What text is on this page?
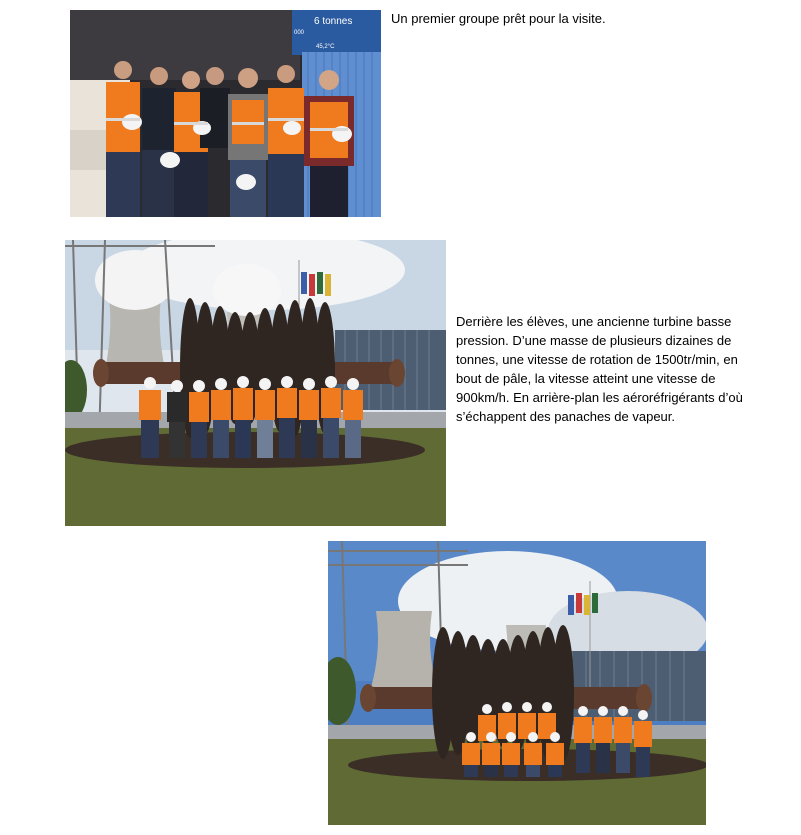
6 tonnes
000
45,2°C

Un premier groupe prêt pour la visite.

Derrière les élèves, une ancienne turbine basse pression. D’une masse de plusieurs dizaines de tonnes, une vitesse de rotation de 1500tr/min, en bout de pâle, la vitesse atteint une vitesse de 900km/h. En arrière-plan les aéroréfrigérants d’où s’échappent des panaches de vapeur.
